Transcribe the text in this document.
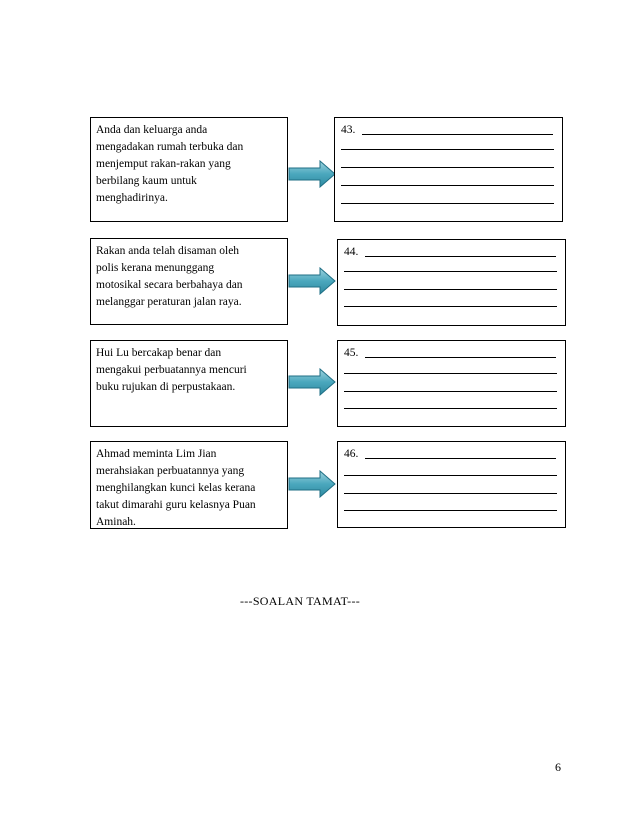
Anda dan keluarga anda

mengadakan rumah terbuka dan

menjemput rakan-rakan yang

berbilang kaum untuk

menghadirinya.

43.

Rakan anda telah disaman oleh

polis kerana menunggang

motosikal secara berbahaya dan

melanggar peraturan jalan raya.

44.

Hui Lu bercakap benar dan

mengakui perbuatannya mencuri

buku rujukan di perpustakaan.

45.

Ahmad meminta Lim Jian

merahsiakan perbuatannya yang

menghilangkan kunci kelas kerana

takut dimarahi guru kelasnya Puan

Aminah.

46.
---SOALAN TAMAT---
6
